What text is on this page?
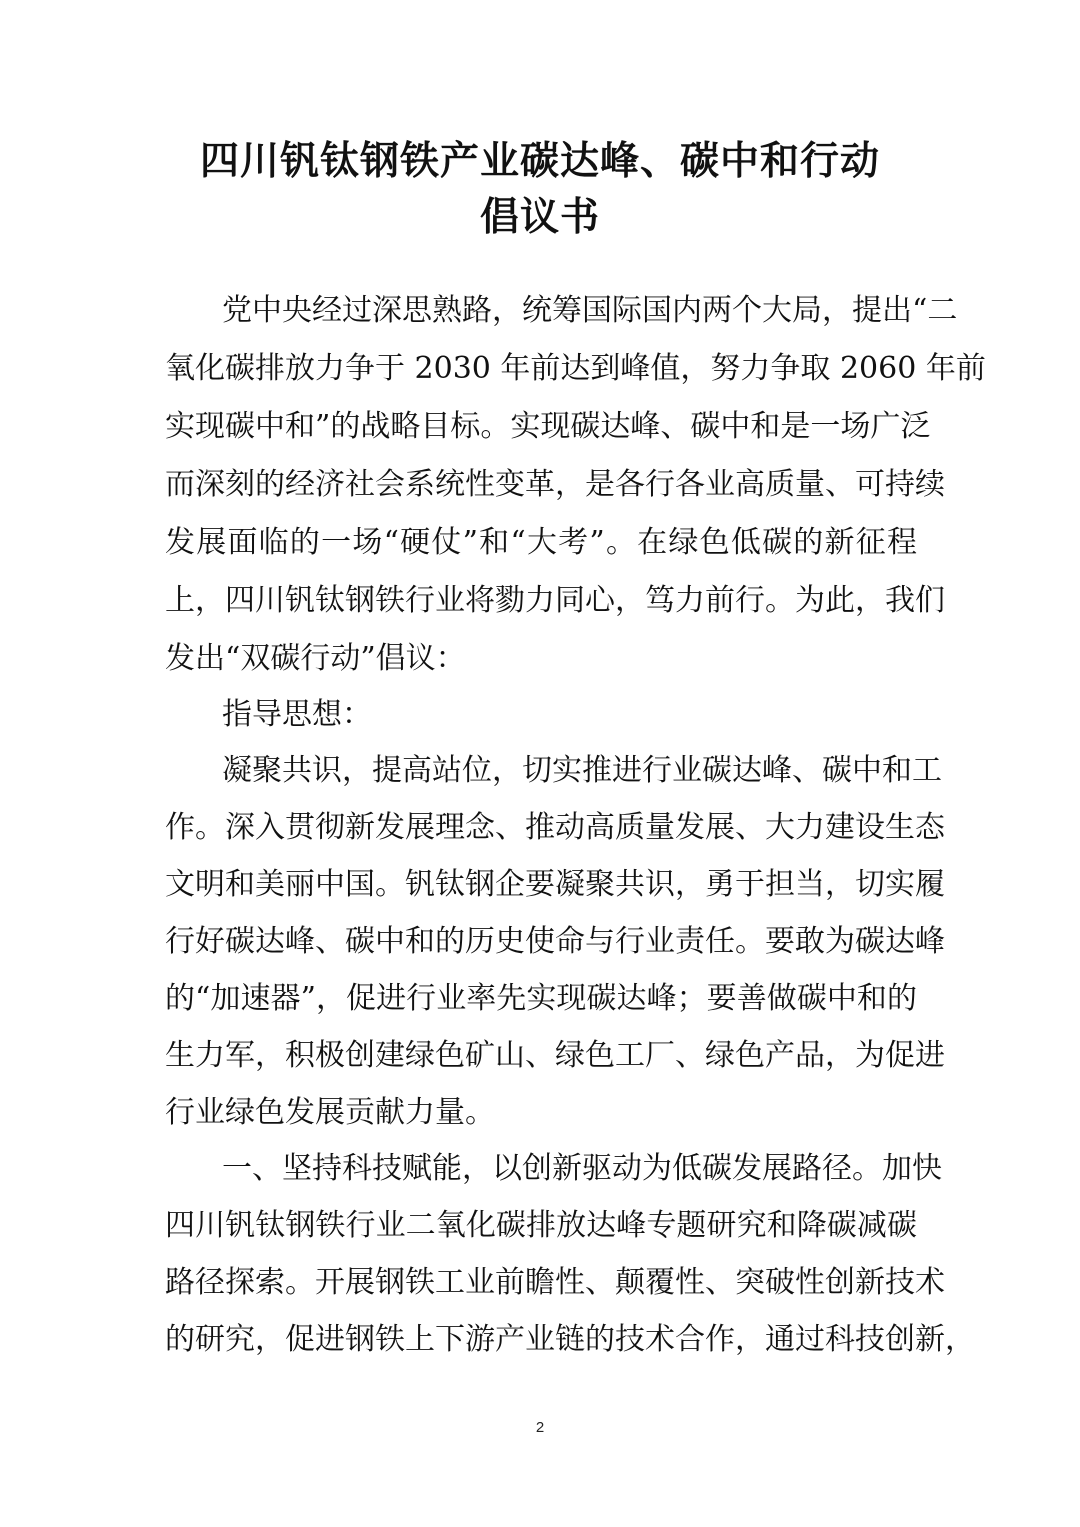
四川钒钛钢铁产业碳达峰、碳中和行动
倡议书
党中央经过深思熟路，统筹国际国内两个大局，提出“二
氧化碳排放力争于 2030 年前达到峰值，努力争取 2060 年前
实现碳中和”的战略目标。实现碳达峰、碳中和是一场广泛
而深刻的经济社会系统性变革，是各行各业高质量、可持续
发展面临的一场“硬仗”和“大考”。在绿色低碳的新征程
上，四川钒钛钢铁行业将勠力同心，笃力前行。为此，我们
发出“双碳行动”倡议：
指导思想：
凝聚共识，提高站位，切实推进行业碳达峰、碳中和工
作。深入贯彻新发展理念、推动高质量发展、大力建设生态
文明和美丽中国。钒钛钢企要凝聚共识，勇于担当，切实履
行好碳达峰、碳中和的历史使命与行业责任。要敢为碳达峰
的“加速器”，促进行业率先实现碳达峰；要善做碳中和的
生力军，积极创建绿色矿山、绿色工厂、绿色产品，为促进
行业绿色发展贡献力量。
一、坚持科技赋能，以创新驱动为低碳发展路径。加快
四川钒钛钢铁行业二氧化碳排放达峰专题研究和降碳减碳
路径探索。开展钢铁工业前瞻性、颠覆性、突破性创新技术
的研究，促进钢铁上下游产业链的技术合作，通过科技创新，
2
